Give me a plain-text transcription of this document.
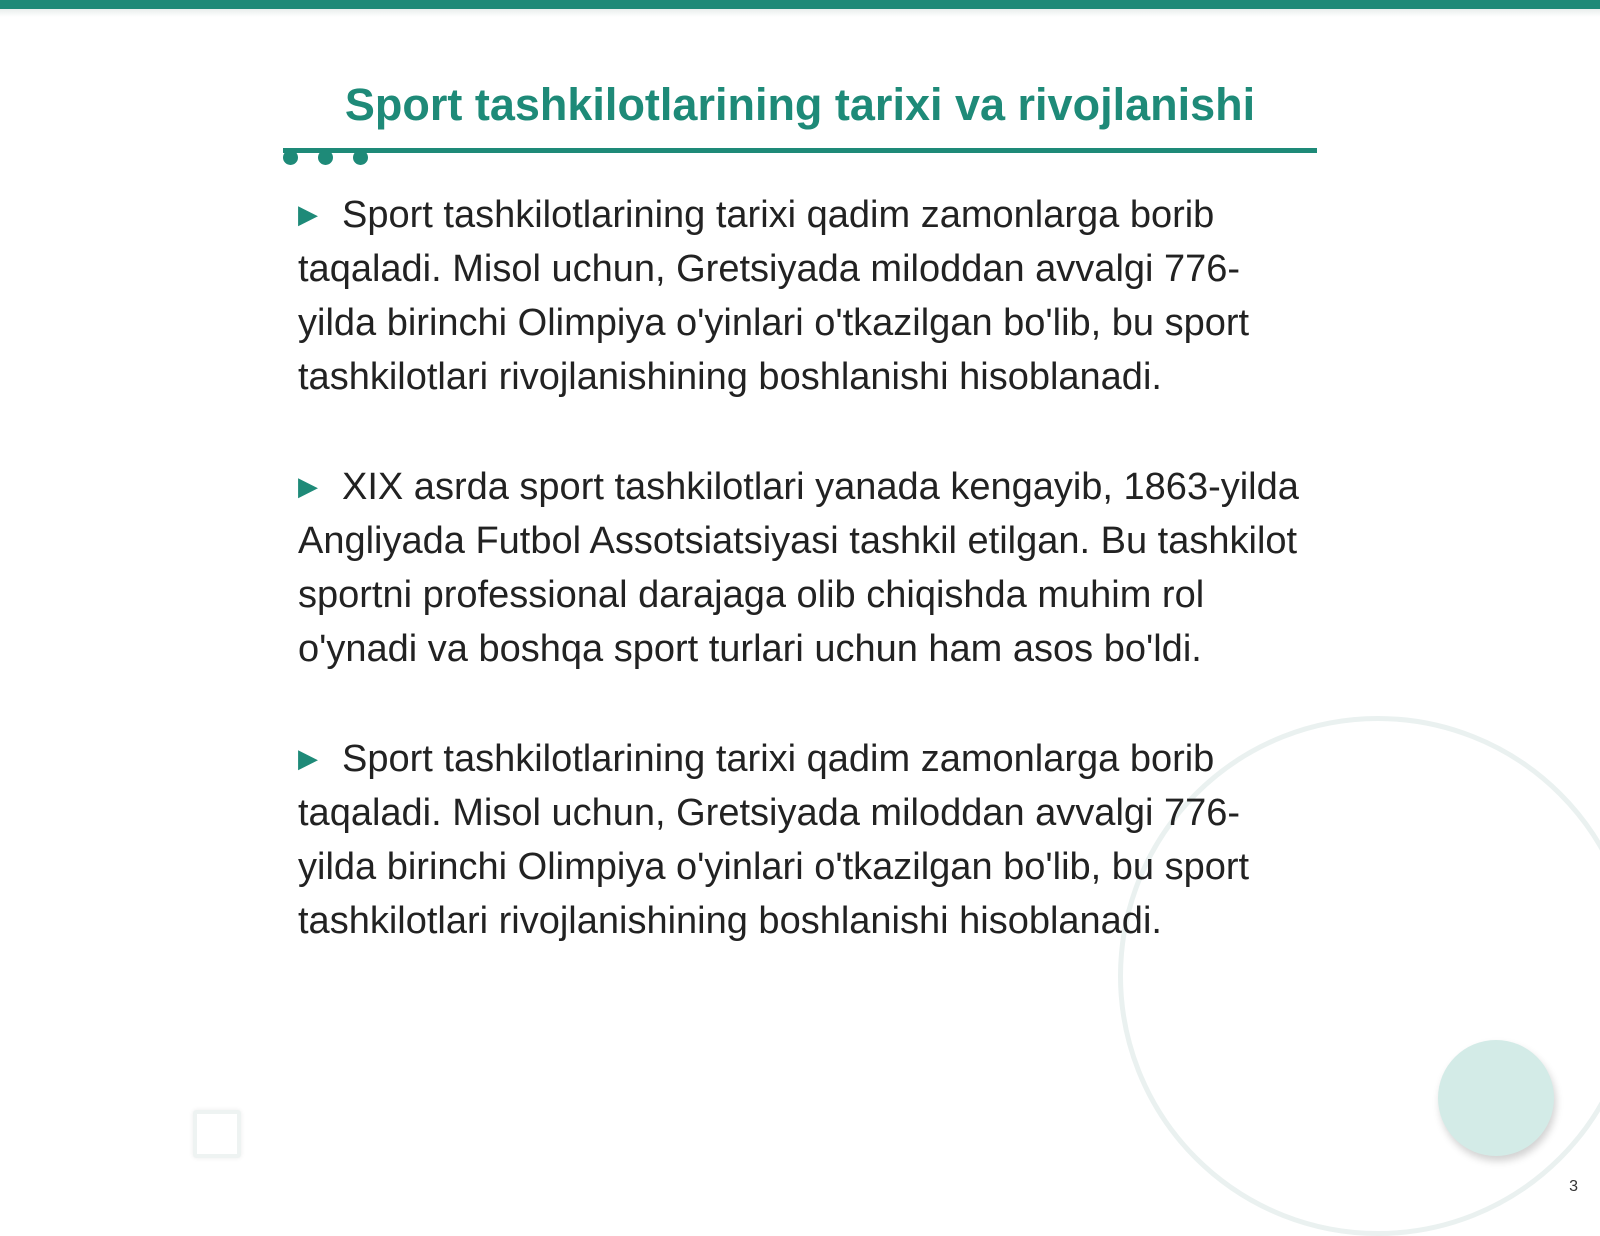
Sport tashkilotlarining tarixi va rivojlanishi

▶ Sport tashkilotlarining tarixi qadim zamonlarga borib taqaladi. Misol uchun, Gretsiyada miloddan avvalgi 776-yilda birinchi Olimpiya o'yinlari o'tkazilgan bo'lib, bu sport tashkilotlari rivojlanishining boshlanishi hisoblanadi.

▶ XIX asrda sport tashkilotlari yanada kengayib, 1863-yilda Angliyada Futbol Assotsiatsiyasi tashkil etilgan. Bu tashkilot sportni professional darajaga olib chiqishda muhim rol o'ynadi va boshqa sport turlari uchun ham asos bo'ldi.

▶ Sport tashkilotlarining tarixi qadim zamonlarga borib taqaladi. Misol uchun, Gretsiyada miloddan avvalgi 776-yilda birinchi Olimpiya o'yinlari o'tkazilgan bo'lib, bu sport tashkilotlari rivojlanishining boshlanishi hisoblanadi.

3
